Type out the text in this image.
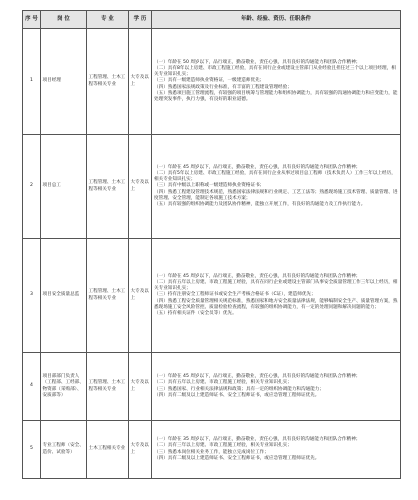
序 号	岗 位	专 业	学 历	年龄、经验、资历、任职条件
1	项目经理	工程管理、土木工程等相关专业	大专及以上	（一）年龄在 50 周岁以下，品行端正，勤奋敬业，责任心强，具有良好的沟通能力和团队合作精神；

（二）具有8年以上房建、市政工程施工经验，具有在同行企业或建设主管部门从业经验且担任过三个以上项目经理，相关专业知识扎实；

（三）具有一级建造师执业资格证，一级建造师优先；

（四）熟悉国家法规政策及行业标准，有丰富的工程建设管理经验；

（五）熟悉项目施工管理流程，有较强的项目统筹与管理能力和组织协调能力，具有较强的沟通协调能力和应变能力，能处理突发事件，执行力强，有良好的职业道德。

2	项目总工	工程管理、土木工程等相关专业	大专及以上	（一）年龄在 45 周岁以下，品行端正，勤奋敬业，责任心强，具有良好的沟通能力和团队合作精神；

（二）具有5年以上房建、市政工程施工经验，具有在同行企业从事过项目总工程师（技术负责人）工作三年以上经历，相关专业知识扎实；

（三）具有中级以上职称或一级建造师执业资格证书；

（四）熟悉工程建设管理技术规范，熟悉国家法律法规和行业规定、工艺工法等；熟悉现场施工技术管理、质量管理、进度管理、安全管理，能制定各项施工技术方案；

（五）具有较强的组织协调能力及团队协作精神，能独立开展工作，有良好的沟通能力及工作执行能力。

3	项目安全质量总监	工程管理、土木工程等相关专业	大专及以上	（一）年龄在 45 周岁以下，品行端正，勤奋敬业，责任心强，具有良好的沟通能力和团队合作精神；

（二）具有五年以上房建、市政工程施工经验，具有在同行企业或建设主管部门从事安全质量管理工作三年以上经历，相关专业知识扎实；

（三）持有注册安全工程师证书或安全生产考核合格证书（C证），建造师优先；

（四）熟悉工程安全质量管理相关规范标准，熟悉国家和地方安全质量法律法规，能够编制安全生产、质量管理方案，熟悉现场施工安全风险管控、质量检验检查流程，有较强的组织协调能力，有一定的处理问题和解决问题的能力；

（五）持有相关证件（安全员等）优先。

4	项目部部门负责人（工程部、工经部、物资部（采购部）、安质部等）	工程管理、土木工程等相关专业	大专及以上	（一）年龄在 45 周岁以下，品行端正，勤奋敬业，责任心强，具有良好的沟通能力和团队合作精神；

（二）具有五年以上房建、市政工程施工经验，相关专业知识扎实；

（三）熟悉国家、行业相关法律法规和政策；具有一定的组织协调能力和沟通能力；

（四）具有二级及以上建造师证书、安全工程师证书，或应急管理工程师证优先。

5	专业工程师（安全、造价、试验等）	土木工程相关专业	大专及以上	（一）年龄在 35 周岁以下，品行端正，勤奋敬业，责任心强，具有良好的沟通能力和团队合作精神；

（二）具有三年以上房建、市政工程施工经验，相关专业知识扎实；

（三）熟悉本岗位相关业务工作，能独立完成岗位工作；

（四）具有二级及以上建造师证书、安全工程师证书，或应急管理工程师证优先。
